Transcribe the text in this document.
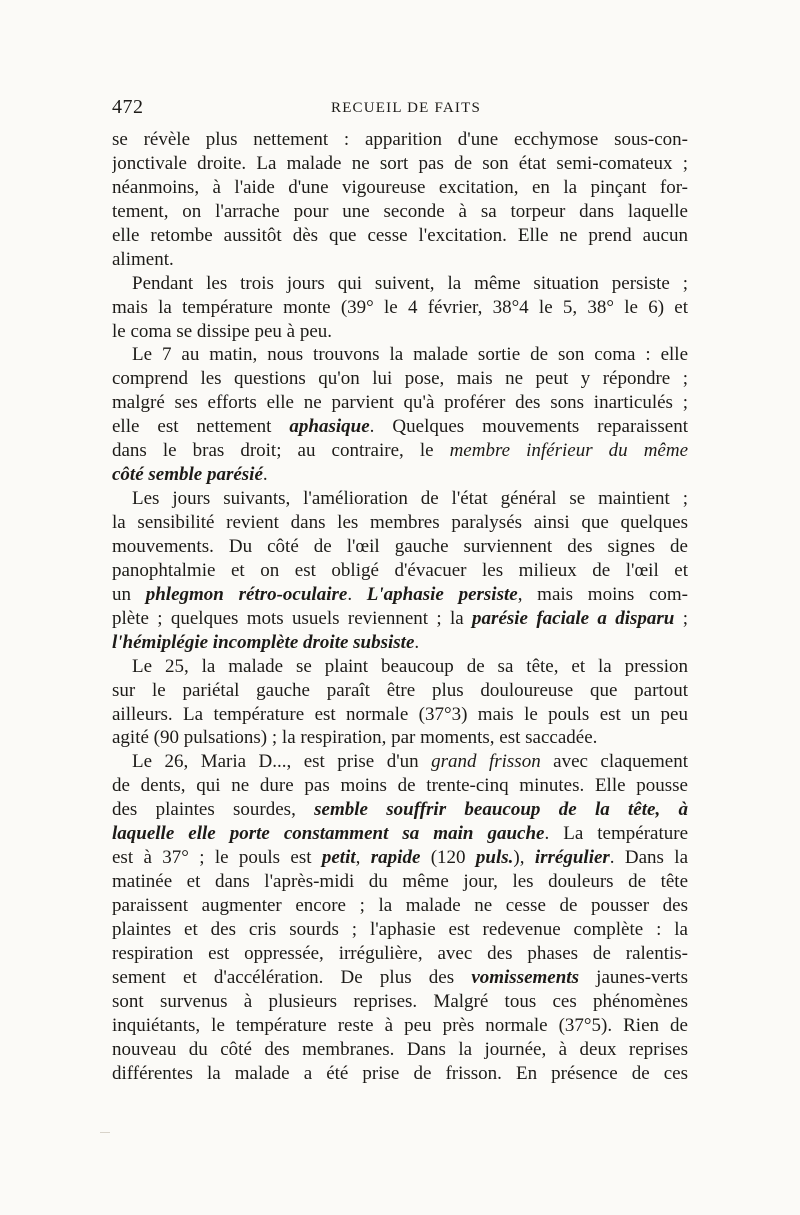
472	RECUEIL DE FAITS
se révèle plus nettement : apparition d'une ecchymose sous-con-
jonctivale droite. La malade ne sort pas de son état semi-comateux ;
néanmoins, à l'aide d'une vigoureuse excitation, en la pinçant for-
tement, on l'arrache pour une seconde à sa torpeur dans laquelle
elle retombe aussitôt dès que cesse l'excitation. Elle ne prend aucun
aliment.
Pendant les trois jours qui suivent, la même situation persiste ;
mais la température monte (39° le 4 février, 38°4 le 5, 38° le 6) et
le coma se dissipe peu à peu.
Le 7 au matin, nous trouvons la malade sortie de son coma : elle
comprend les questions qu'on lui pose, mais ne peut y répondre ;
malgré ses efforts elle ne parvient qu'à proférer des sons inarticulés ;
elle est nettement aphasique. Quelques mouvements reparaissent
dans le bras droit; au contraire, le membre inférieur du même
côté semble parésié.
Les jours suivants, l'amélioration de l'état général se maintient ;
la sensibilité revient dans les membres paralysés ainsi que quelques
mouvements. Du côté de l'œil gauche surviennent des signes de
panophtalmie et on est obligé d'évacuer les milieux de l'œil et
un phlegmon rétro-oculaire. L'aphasie persiste, mais moins com-
plète ; quelques mots usuels reviennent ; la parésie faciale a disparu ;
l'hémiplégie incomplète droite subsiste.
Le 25, la malade se plaint beaucoup de sa tête, et la pression
sur le pariétal gauche paraît être plus douloureuse que partout
ailleurs. La température est normale (37°3) mais le pouls est un peu
agité (90 pulsations) ; la respiration, par moments, est saccadée.
Le 26, Maria D..., est prise d'un grand frisson avec claquement
de dents, qui ne dure pas moins de trente-cinq minutes. Elle pousse
des plaintes sourdes, semble souffrir beaucoup de la tête, à
laquelle elle porte constamment sa main gauche. La température
est à 37° ; le pouls est petit, rapide (120 puls.), irrégulier. Dans la
matinée et dans l'après-midi du même jour, les douleurs de tête
paraissent augmenter encore ; la malade ne cesse de pousser des
plaintes et des cris sourds ; l'aphasie est redevenue complète : la
respiration est oppressée, irrégulière, avec des phases de ralentis-
sement et d'accélération. De plus des vomissements jaunes-verts
sont survenus à plusieurs reprises. Malgré tous ces phénomènes
inquiétants, le température reste à peu près normale (37°5). Rien de
nouveau du côté des membranes. Dans la journée, à deux reprises
différentes la malade a été prise de frisson. En présence de ces
